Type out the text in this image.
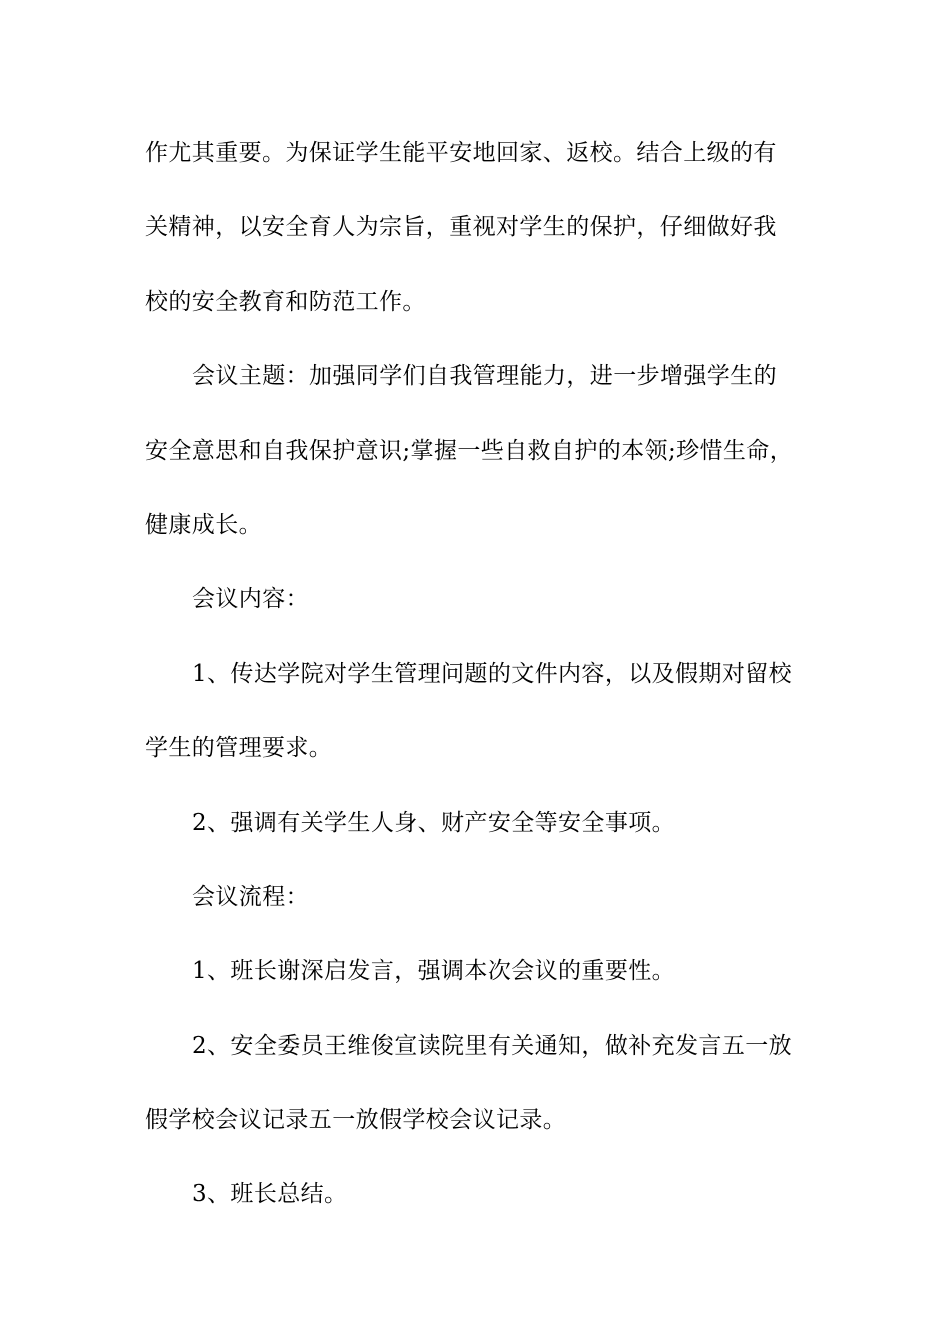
作尤其重要。为保证学生能平安地回家、返校。结合上级的有

关精神，以安全育人为宗旨，重视对学生的保护，仔细做好我

校的安全教育和防范工作。

会议主题：加强同学们自我管理能力，进一步增强学生的

安全意思和自我保护意识;掌握一些自救自护的本领;珍惜生命，

健康成长。

会议内容：

1、传达学院对学生管理问题的文件内容，以及假期对留校

学生的管理要求。

2、强调有关学生人身、财产安全等安全事项。

会议流程：

1、班长谢深启发言，强调本次会议的重要性。

2、安全委员王维俊宣读院里有关通知，做补充发言五一放

假学校会议记录五一放假学校会议记录。

3、班长总结。
